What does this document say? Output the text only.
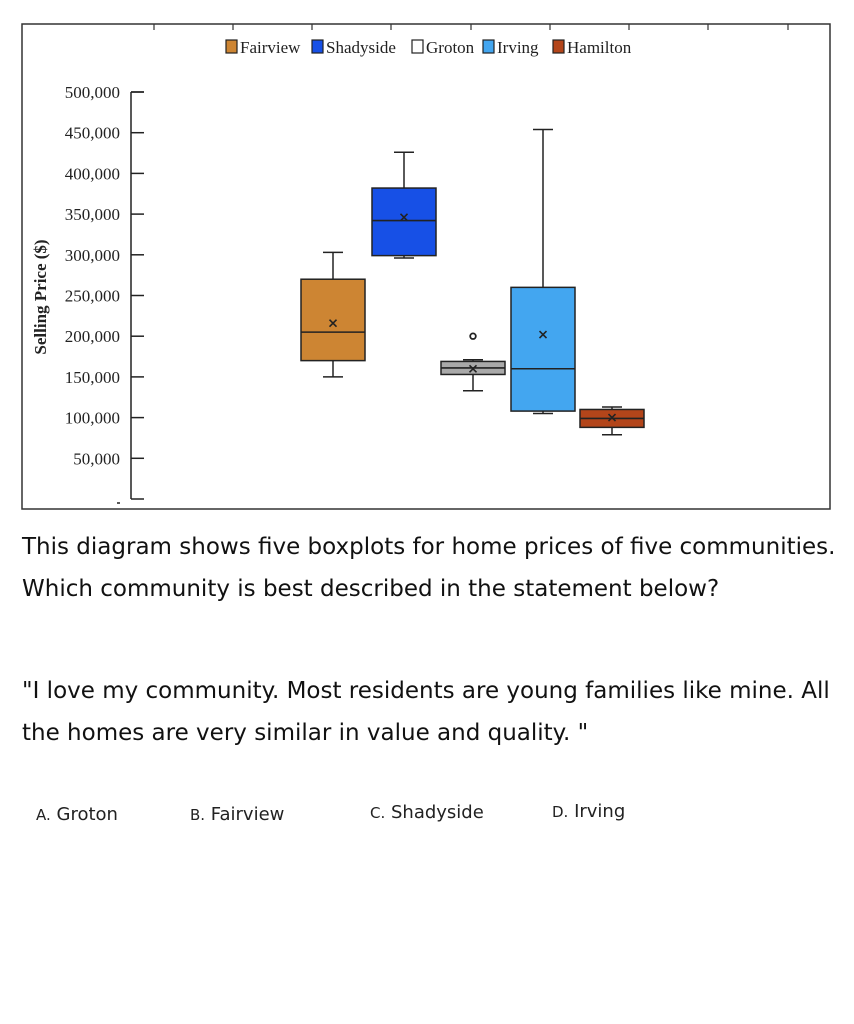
Fairview Shadyside Groton Irving Hamilton
50,000
100,000
150,000
200,000
250,000
300,000
350,000
400,000
450,000
500,000
Selling Price ($)

This diagram shows five boxplots for home prices of five communities. Which community is best described in the statement below?

"I love my community. Most residents are young families like mine. All the homes are very similar in value and quality. "

A. Groton	B. Fairview	C. Shadyside	D. Irving
